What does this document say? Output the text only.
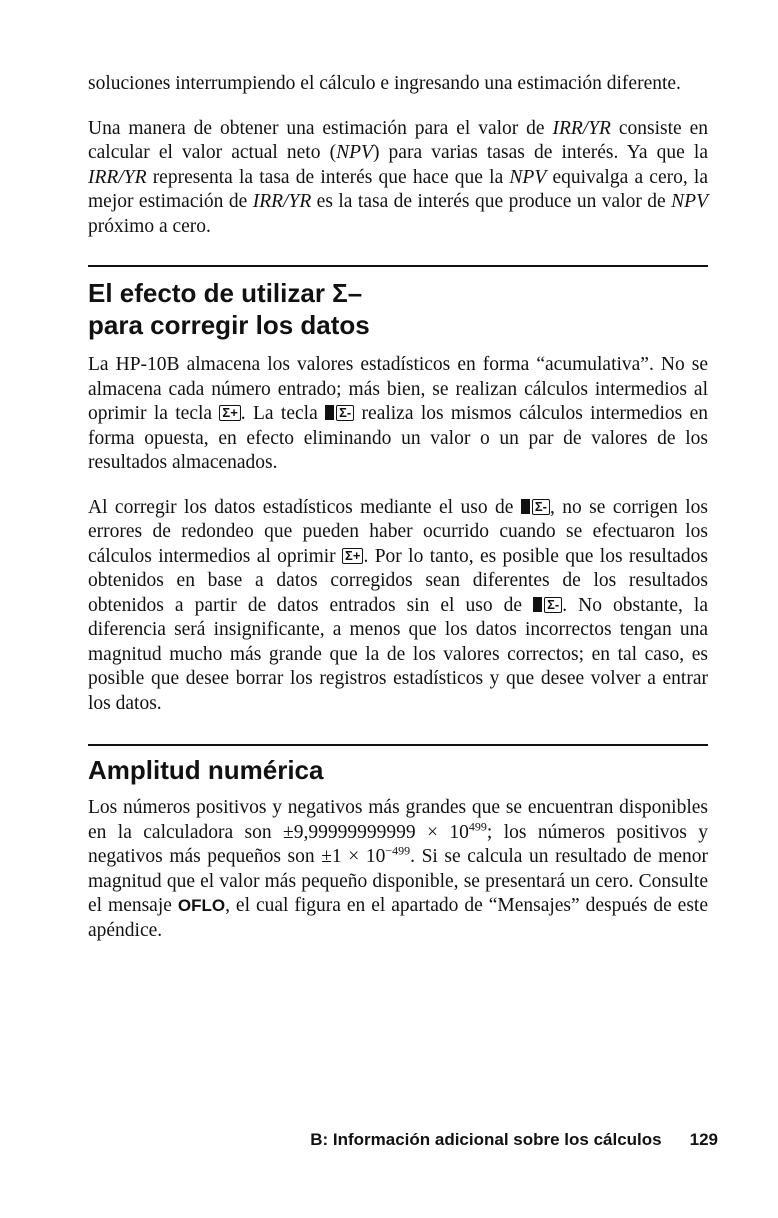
soluciones interrumpiendo el cálculo e ingresando una estimación diferente.

Una manera de obtener una estimación para el valor de IRR/YR consiste en calcular el valor actual neto (NPV) para varias tasas de interés. Ya que la IRR/YR representa la tasa de interés que hace que la NPV equivalga a cero, la mejor estimación de IRR/YR es la tasa de interés que produce un valor de NPV próximo a cero.

El efecto de utilizar Σ–
para corregir los datos

La HP-10B almacena los valores estadísticos en forma “acumulativa”. No se almacena cada número entrado; más bien, se realizan cálculos intermedios al oprimir la tecla Σ+ . La tecla Σ- realiza los mismos cálculos intermedios en forma opuesta, en efecto eliminando un valor o un par de valores de los resultados almacenados.

Al corregir los datos estadísticos mediante el uso de Σ- , no se corrigen los errores de redondeo que pueden haber ocurrido cuando se efectuaron los cálculos intermedios al oprimir Σ+ . Por lo tanto, es posible que los resultados obtenidos en base a datos corregidos sean diferentes de los resultados obtenidos a partir de datos entrados sin el uso de Σ- . No obstante, la diferencia será insignificante, a menos que los datos incorrectos tengan una magnitud mucho más grande que la de los valores correctos; en tal caso, es posible que desee borrar los registros estadísticos y que desee volver a entrar los datos.

Amplitud numérica

Los números positivos y negativos más grandes que se encuentran disponibles en la calculadora son $\pm 9,99999999999 \times 10^{499}$; los números positivos y negativos más pequeños son $\pm 1 \times 10^{-499}$. Si se calcula un resultado de menor magnitud que el valor más pequeño disponible, se presentará un cero. Consulte el mensaje OFLO, el cual figura en el apartado de “Mensajes” después de este apéndice.

B: Información adicional sobre los cálculos 129
